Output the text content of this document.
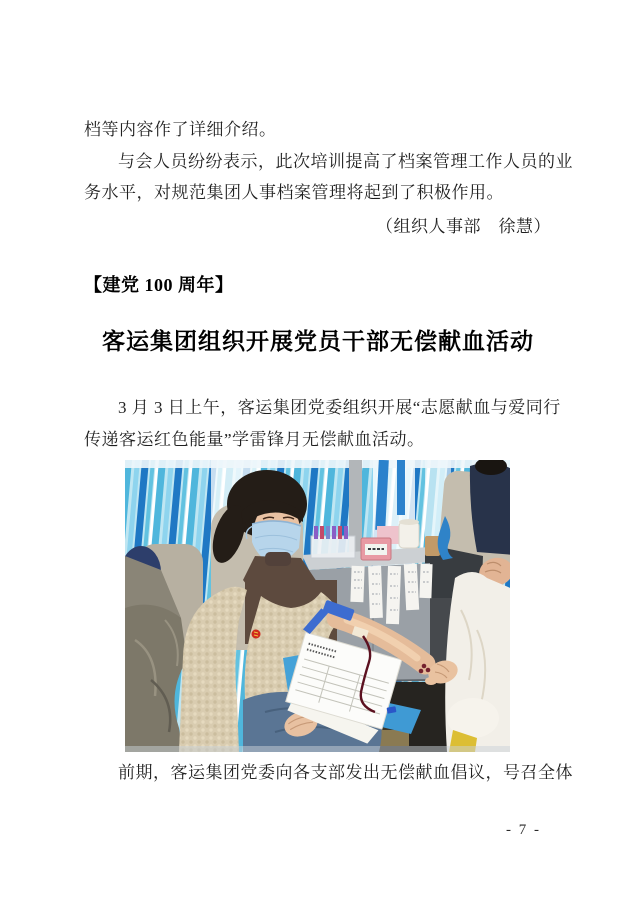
档等内容作了详细介绍。
与会人员纷纷表示，此次培训提高了档案管理工作人员的业
务水平，对规范集团人事档案管理将起到了积极作用。
（组织人事部　徐慧）
【建党 100 周年】
客运集团组织开展党员干部无偿献血活动
3 月 3 日上午，客运集团党委组织开展“志愿献血与爱同行
传递客运红色能量”学雷锋月无偿献血活动。
前期，客运集团党委向各支部发出无偿献血倡议，号召全体
- 7 -
